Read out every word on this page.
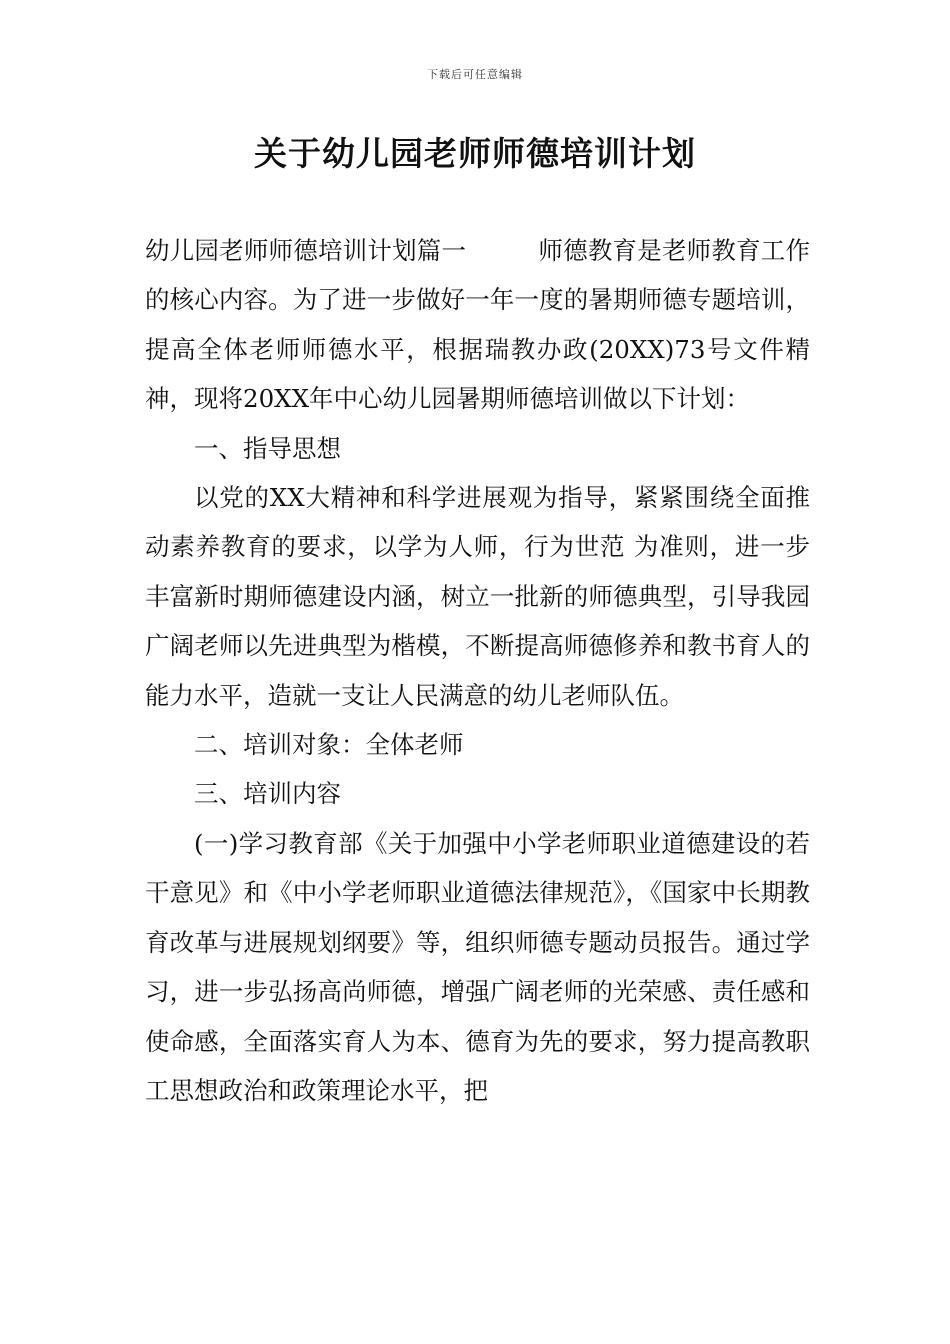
下载后可任意编辑
关于幼儿园老师师德培训计划

幼儿园老师师德培训计划篇一	师德教育是老师教育工作的核心内容。为了进一步做好一年一度的暑期师德专题培训，提高全体老师师德水平，根据瑞教办政(20XX)73号文件精神，现将20XX年中心幼儿园暑期师德培训做以下计划：

一、指导思想

以党的XX大精神和科学进展观为指导，紧紧围绕全面推动素养教育的要求，以学为人师，行为世范 为准则，进一步丰富新时期师德建设内涵，树立一批新的师德典型，引导我园广阔老师以先进典型为楷模，不断提高师德修养和教书育人的能力水平，造就一支让人民满意的幼儿老师队伍。

二、培训对象：全体老师

三、培训内容

(一)学习教育部《关于加强中小学老师职业道德建设的若干意见》和《中小学老师职业道德法律规范》，《国家中长期教育改革与进展规划纲要》等，组织师德专题动员报告。通过学习，进一步弘扬高尚师德，增强广阔老师的光荣感、责任感和使命感，全面落实育人为本、德育为先的要求，努力提高教职工思想政治和政策理论水平，把
